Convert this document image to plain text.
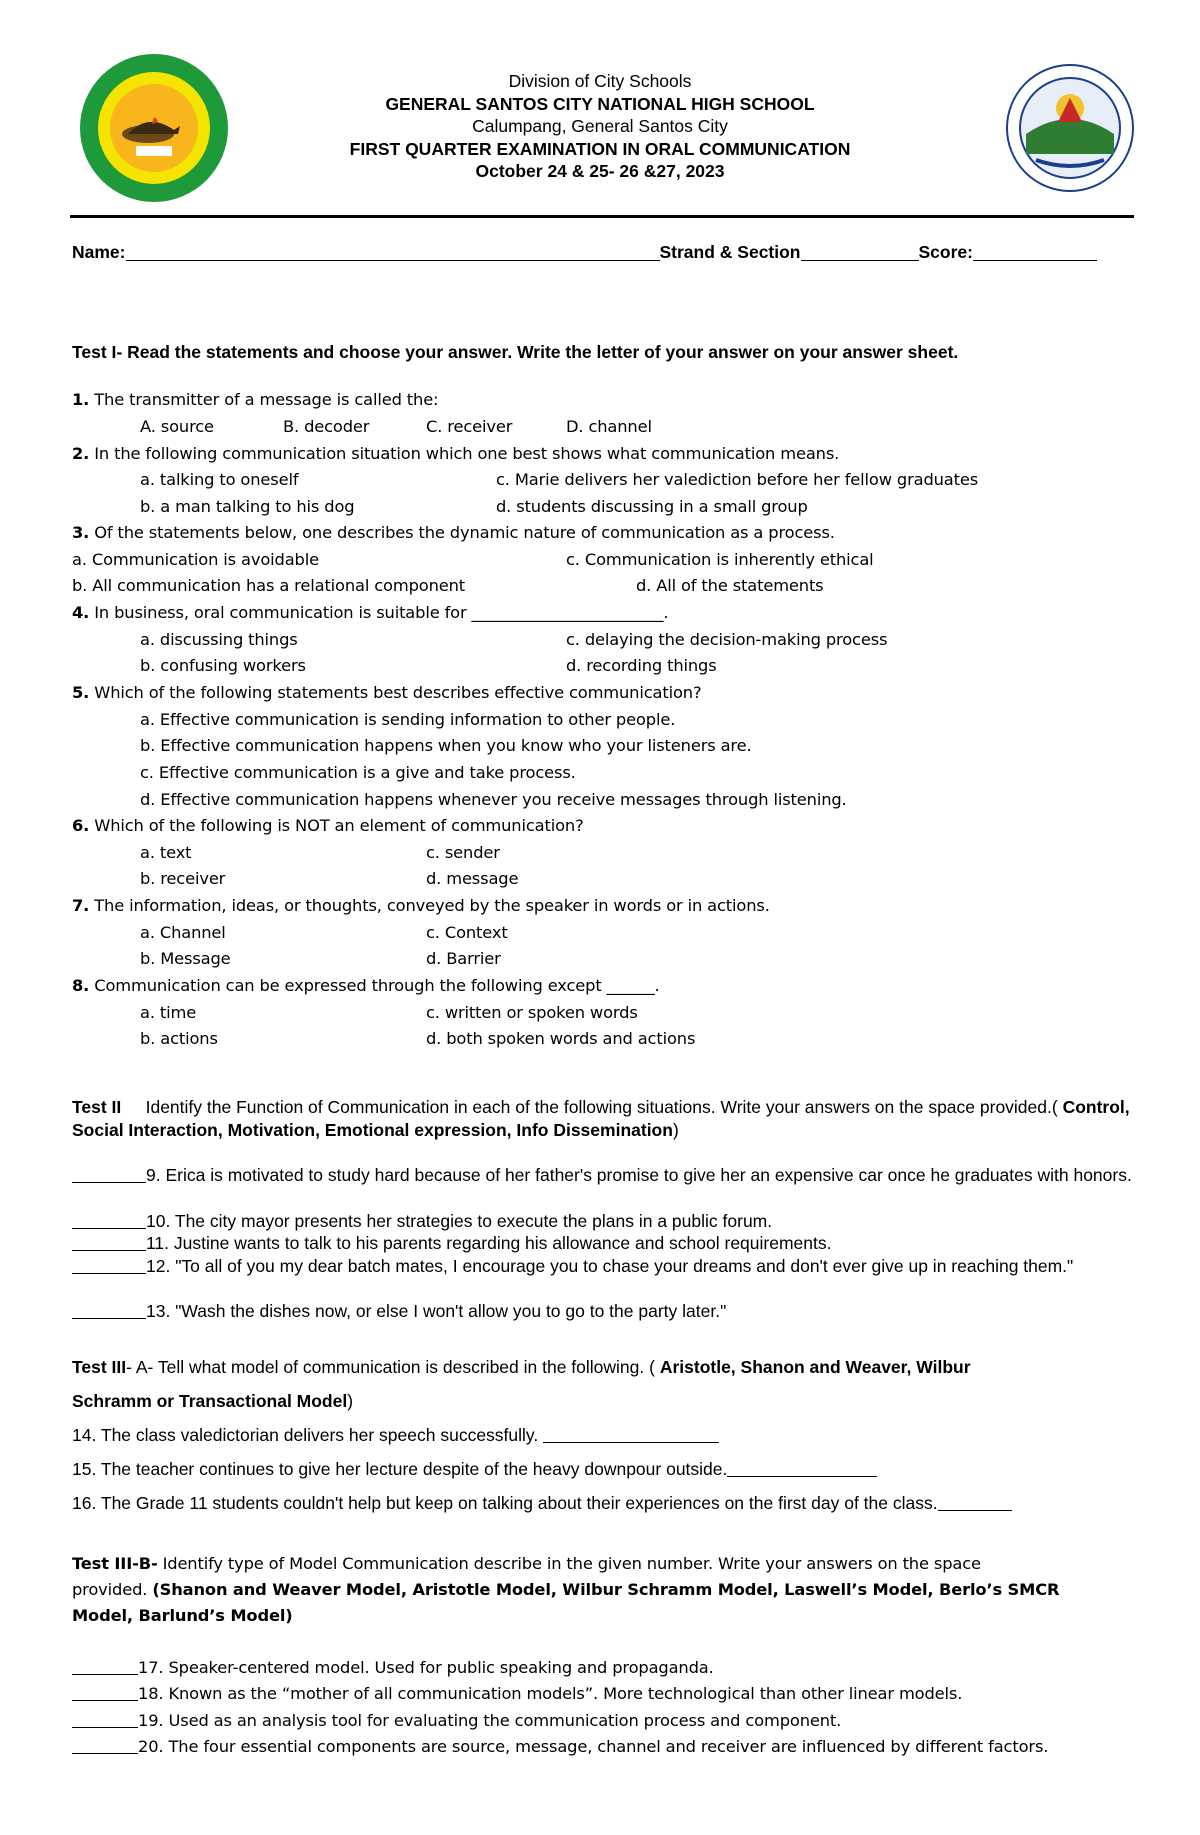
Division of City Schools
GENERAL SANTOS CITY NATIONAL HIGH SCHOOL
Calumpang, General Santos City
FIRST QUARTER EXAMINATION IN ORAL COMMUNICATION
October 24 & 25- 26 &27, 2023
Name:	Strand & Section	Score:
Test I- Read the statements and choose your answer. Write the letter of your answer on your answer sheet.
1. The transmitter of a message is called the:
A. source	B. decoder	C. receiver	D. channel
2. In the following communication situation which one best shows what communication means.
a. talking to oneself	c. Marie delivers her valediction before her fellow graduates
b. a man talking to his dog	d. students discussing in a small group
3. Of the statements below, one describes the dynamic nature of communication as a process.
a. Communication is avoidable	c. Communication is inherently ethical
b. All communication has a relational component	d. All of the statements
4. In business, oral communication is suitable for ________________________.
a. discussing things	c. delaying the decision-making process
b. confusing workers	d. recording things
5. Which of the following statements best describes effective communication?
a. Effective communication is sending information to other people.
b. Effective communication happens when you know who your listeners are.
c. Effective communication is a give and take process.
d. Effective communication happens whenever you receive messages through listening.
6. Which of the following is NOT an element of communication?
a. text	c. sender
b. receiver	d. message
7. The information, ideas, or thoughts, conveyed by the speaker in words or in actions.
a. Channel	c. Context
b. Message	d. Barrier
8. Communication can be expressed through the following except ______.
a. time	c. written or spoken words
b. actions	d. both spoken words and actions
Test II Identify the Function of Communication in each of the following situations. Write your answers on the space provided.( Control, Social Interaction, Motivation, Emotional expression, Info Dissemination)
9. Erica is motivated to study hard because of her father's promise to give her an expensive car once he graduates with honors.
10. The city mayor presents her strategies to execute the plans in a public forum.
11. Justine wants to talk to his parents regarding his allowance and school requirements.
12. "To all of you my dear batch mates, I encourage you to chase your dreams and don't ever give up in reaching them."
13. "Wash the dishes now, or else I won't allow you to go to the party later."
Test III- A- Tell what model of communication is described in the following. ( Aristotle, Shanon and Weaver, Wilbur
Schramm or Transactional Model)
14. The class valedictorian delivers her speech successfully.
15. The teacher continues to give her lecture despite of the heavy downpour outside.
16. The Grade 11 students couldn't help but keep on talking about their experiences on the first day of the class.
Test III-B- Identify type of Model Communication describe in the given number. Write your answers on the space
provided. (Shanon and Weaver Model, Aristotle Model, Wilbur Schramm Model, Laswell’s Model, Berlo’s SMCR
Model, Barlund’s Model)
17. Speaker-centered model. Used for public speaking and propaganda.
18. Known as the “mother of all communication models”. More technological than other linear models.
19. Used as an analysis tool for evaluating the communication process and component.
20. The four essential components are source, message, channel and receiver are influenced by different factors.
